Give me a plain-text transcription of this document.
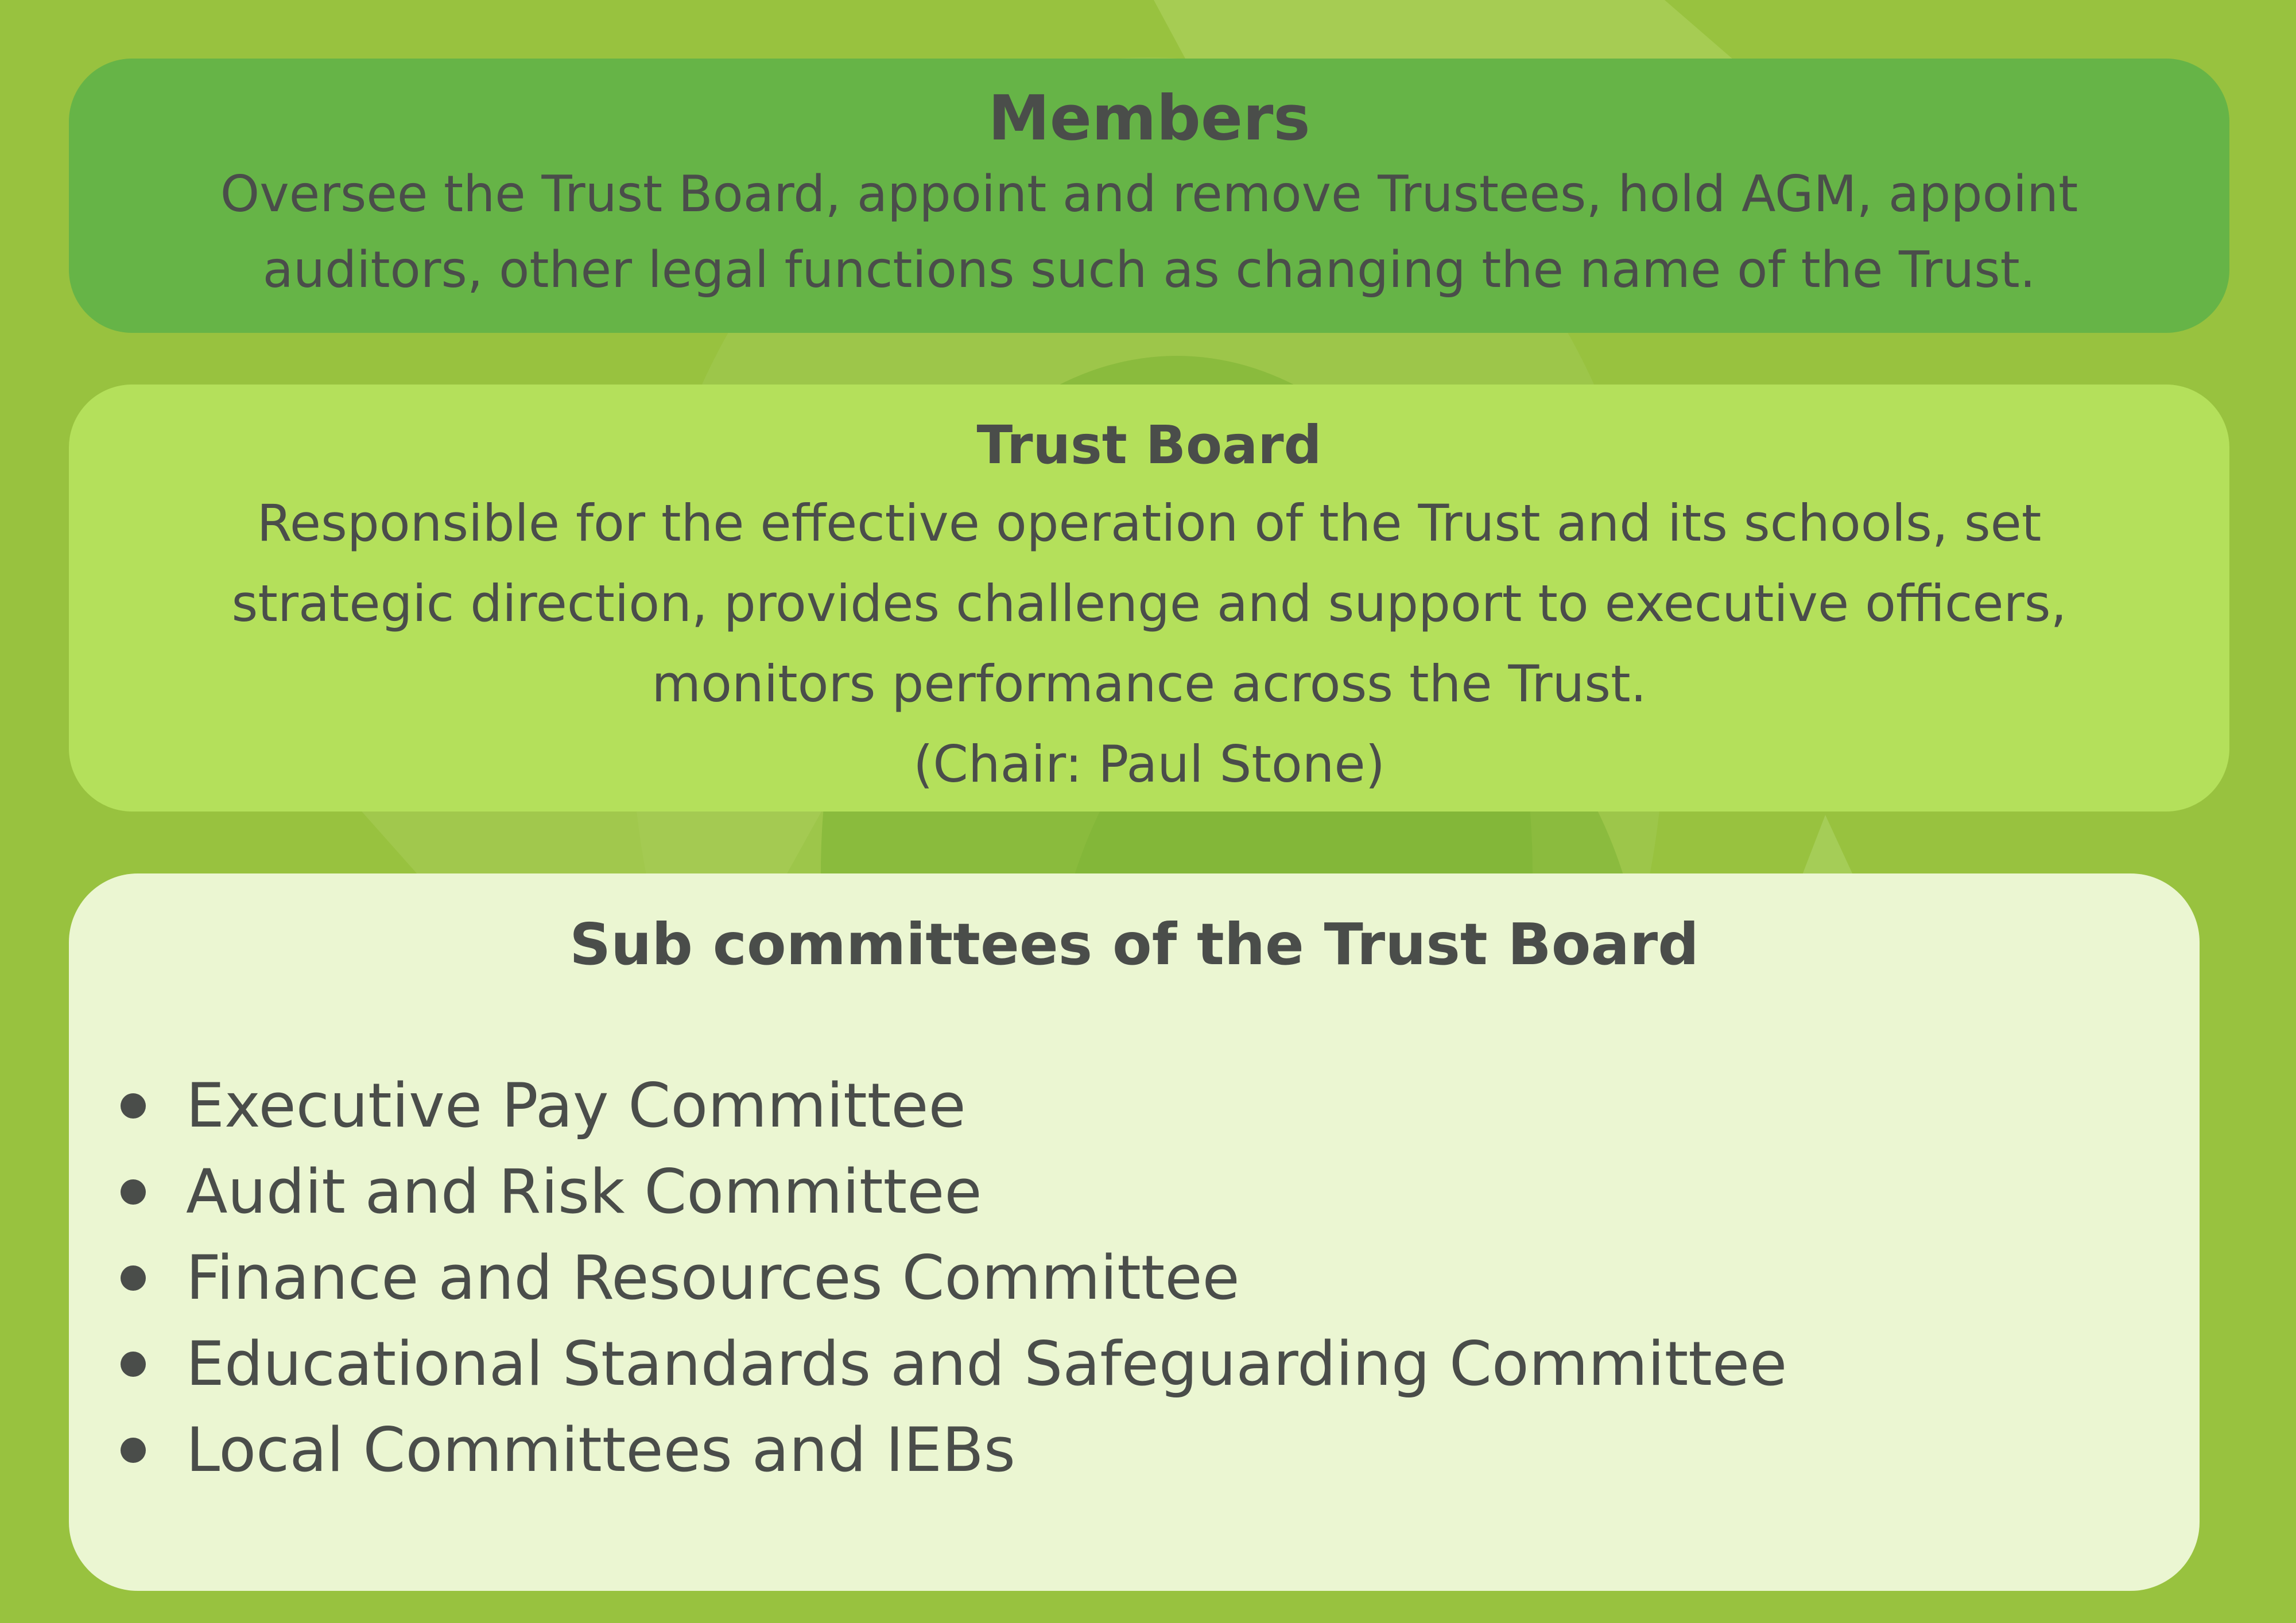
Members

Oversee the Trust Board, appoint and remove Trustees, hold AGM, appoint

auditors, other legal functions such as changing the name of the Trust.

Trust Board

Responsible for the effective operation of the Trust and its schools, set

strategic direction, provides challenge and support to executive officers,

monitors performance across the Trust.

(Chair: Paul Stone)

Sub committees of the Trust Board

Executive Pay Committee
Audit and Risk Committee
Finance and Resources Committee
Educational Standards and Safeguarding Committee
Local Committees and IEBs
